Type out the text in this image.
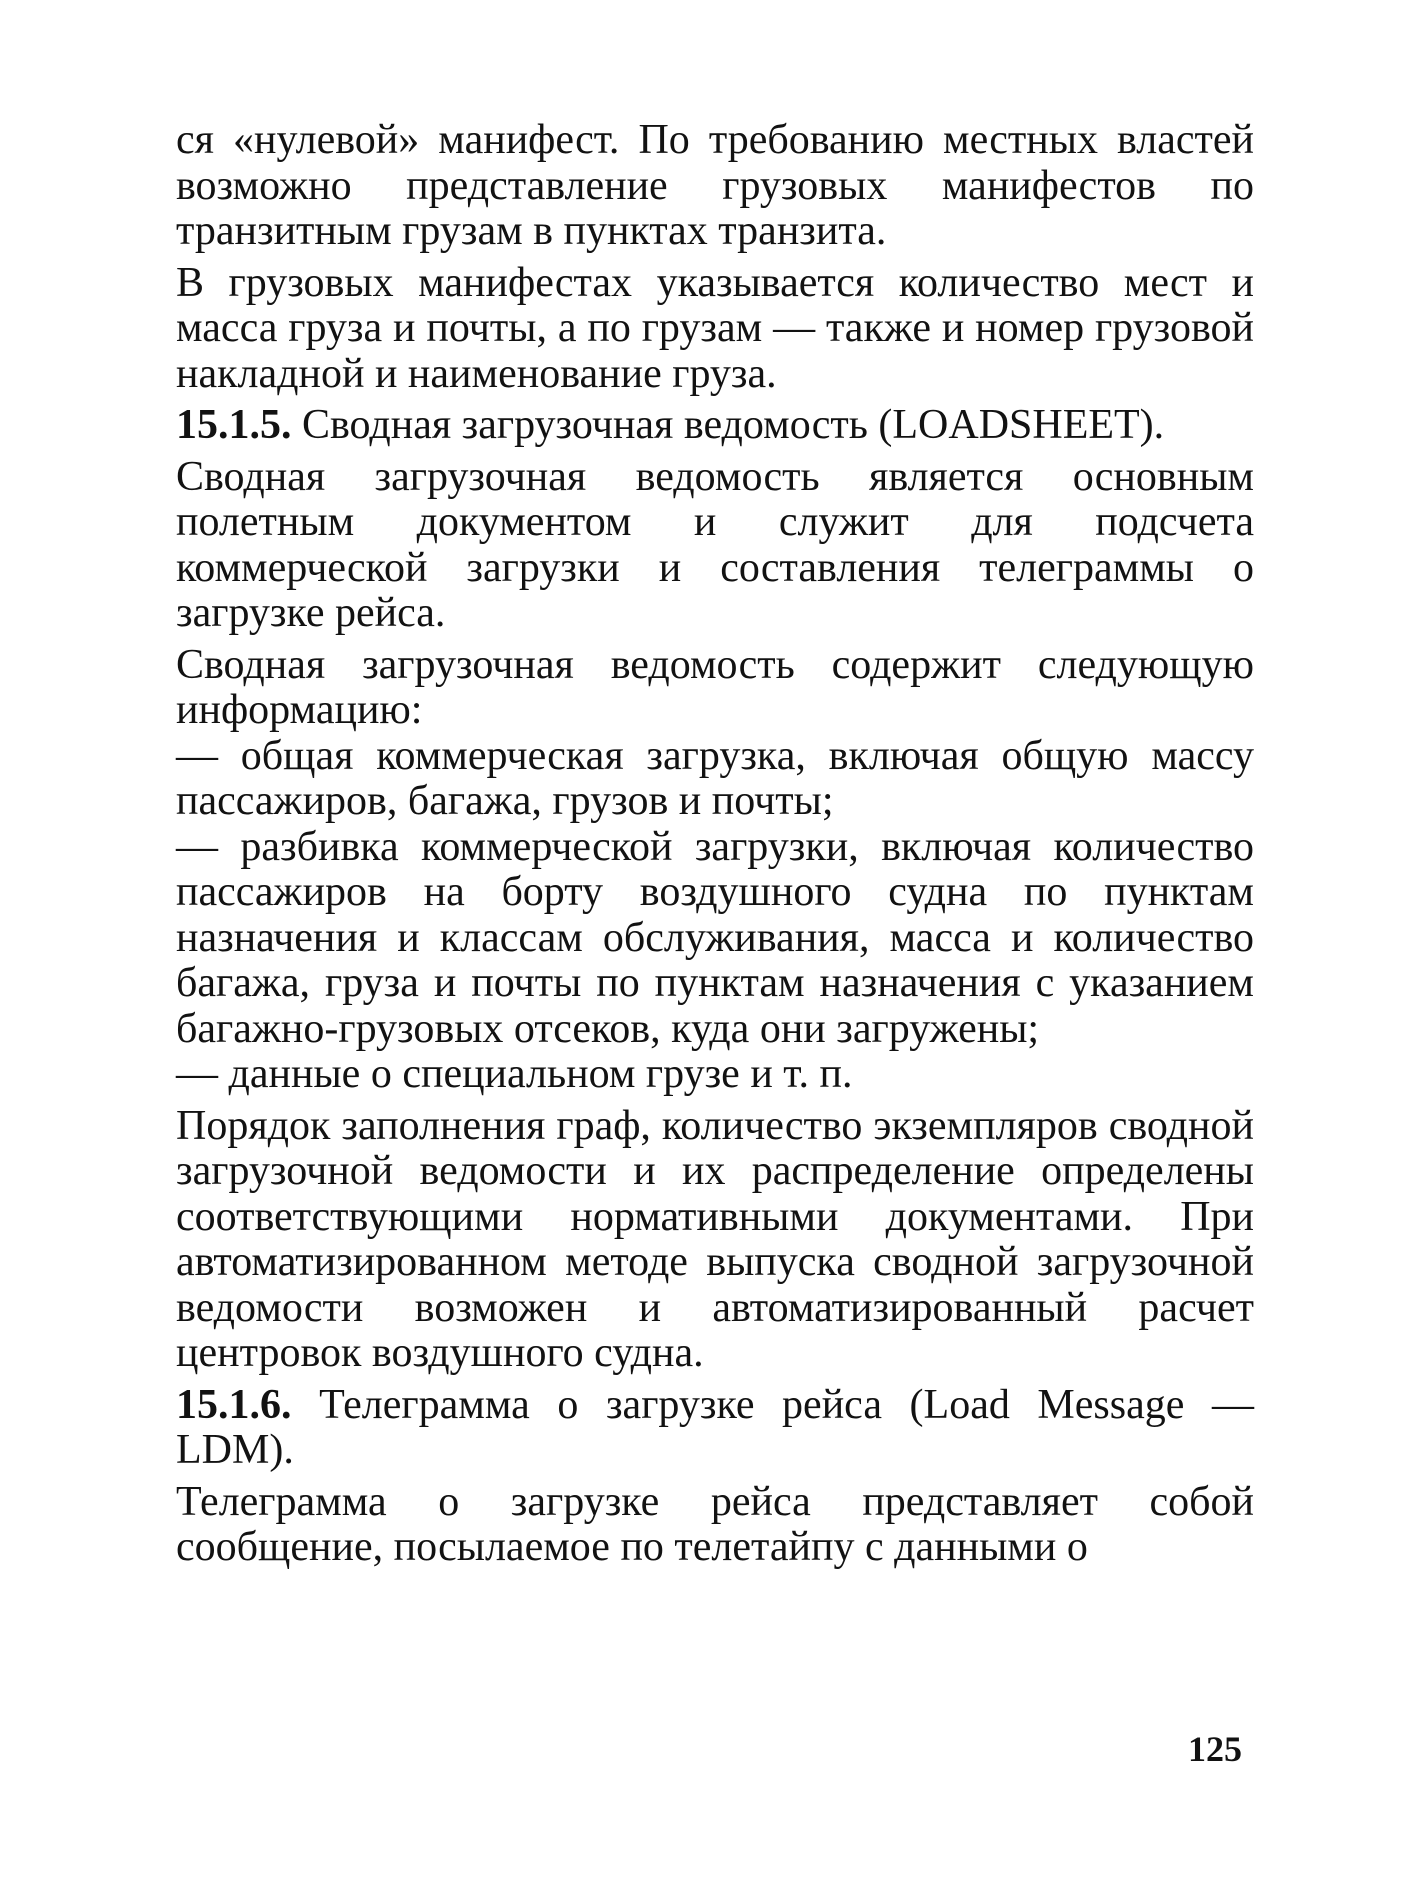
ся «нулевой» манифест. По требованию местных властей возможно представление грузовых манифестов по транзитным грузам в пунктах транзита.

В грузовых манифестах указывается количество мест и масса груза и почты, а по грузам — также и номер грузовой накладной и наименование груза.

15.1.5. Сводная загрузочная ведомость (LOADSHEET).

Сводная загрузочная ведомость является основным полетным документом и служит для подсчета коммерческой загрузки и составления телеграммы о загрузке рейса.

Сводная загрузочная ведомость содержит следующую информацию:

— общая коммерческая загрузка, включая общую массу пассажиров, багажа, грузов и почты;

— разбивка коммерческой загрузки, включая количество пассажиров на борту воздушного судна по пунктам назначения и классам обслуживания, масса и количество багажа, груза и почты по пунктам назначения с указанием багажно-грузовых отсеков, куда они загружены;

— данные о специальном грузе и т. п.

Порядок заполнения граф, количество экземпляров сводной загрузочной ведомости и их распределение определены соответствующими нормативными документами. При автоматизированном методе выпуска сводной загрузочной ведомости возможен и автоматизированный расчет центровок воздушного судна.

15.1.6. Телеграмма о загрузке рейса (Load Message — LDM).

Телеграмма о загрузке рейса представляет собой сообщение, посылаемое по телетайпу с данными о

125
